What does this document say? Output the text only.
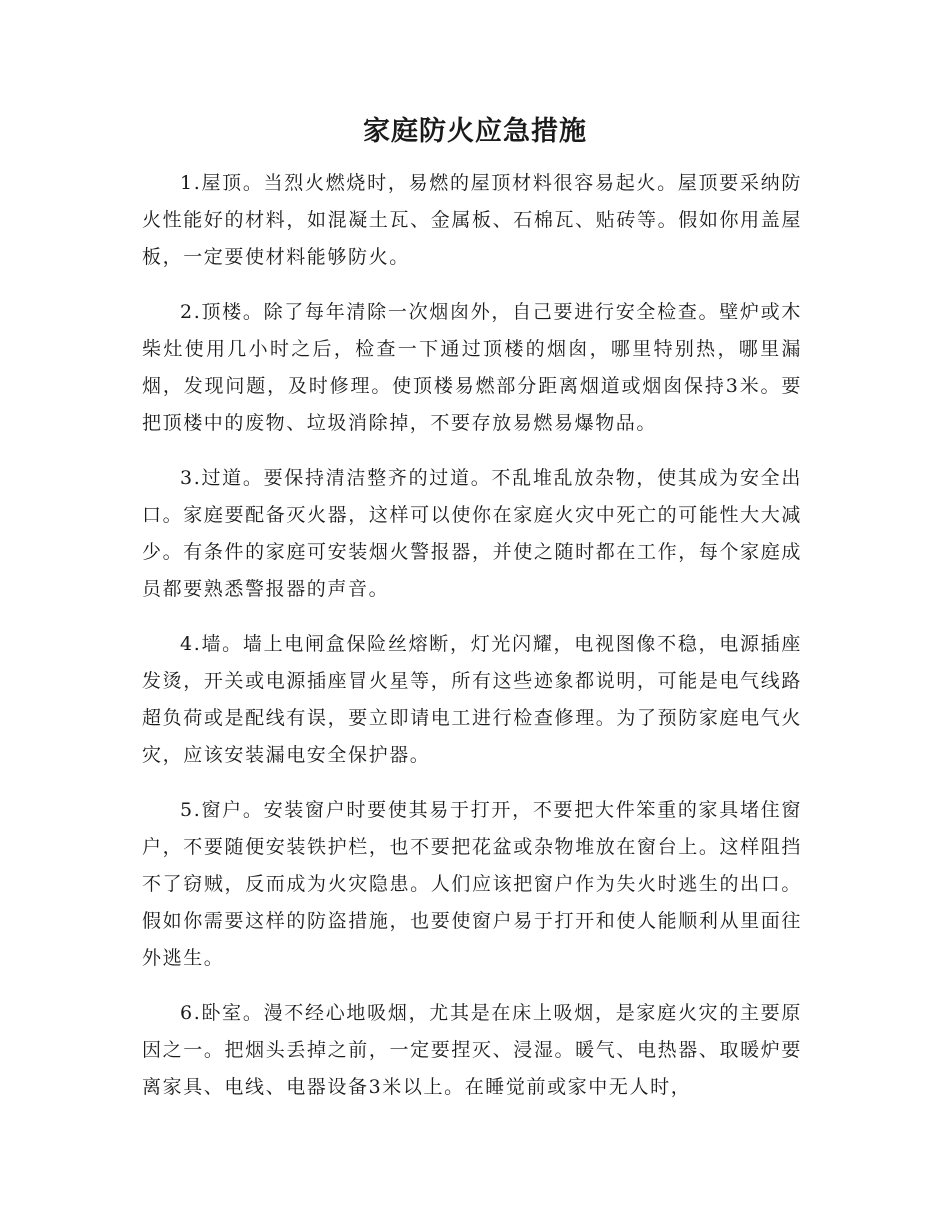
家庭防火应急措施

1.屋顶。当烈火燃烧时，易燃的屋顶材料很容易起火。屋顶要采纳防火性能好的材料，如混凝土瓦、金属板、石棉瓦、贴砖等。假如你用盖屋板，一定要使材料能够防火。

2.顶楼。除了每年清除一次烟囱外，自己要进行安全检查。壁炉或木柴灶使用几小时之后，检查一下通过顶楼的烟囱，哪里特别热，哪里漏烟，发现问题，及时修理。使顶楼易燃部分距离烟道或烟囱保持3米。要把顶楼中的废物、垃圾消除掉，不要存放易燃易爆物品。

3.过道。要保持清洁整齐的过道。不乱堆乱放杂物，使其成为安全出口。家庭要配备灭火器，这样可以使你在家庭火灾中死亡的可能性大大减少。有条件的家庭可安装烟火警报器，并使之随时都在工作，每个家庭成员都要熟悉警报器的声音。

4.墙。墙上电闸盒保险丝熔断，灯光闪耀，电视图像不稳，电源插座发烫，开关或电源插座冒火星等，所有这些迹象都说明，可能是电气线路超负荷或是配线有误，要立即请电工进行检查修理。为了预防家庭电气火灾，应该安装漏电安全保护器。

5.窗户。安装窗户时要使其易于打开，不要把大件笨重的家具堵住窗户，不要随便安装铁护栏，也不要把花盆或杂物堆放在窗台上。这样阻挡不了窃贼，反而成为火灾隐患。人们应该把窗户作为失火时逃生的出口。假如你需要这样的防盗措施，也要使窗户易于打开和使人能顺利从里面往外逃生。

6.卧室。漫不经心地吸烟，尤其是在床上吸烟，是家庭火灾的主要原因之一。把烟头丢掉之前，一定要捏灭、浸湿。暖气、电热器、取暖炉要离家具、电线、电器设备3米以上。在睡觉前或家中无人时，
